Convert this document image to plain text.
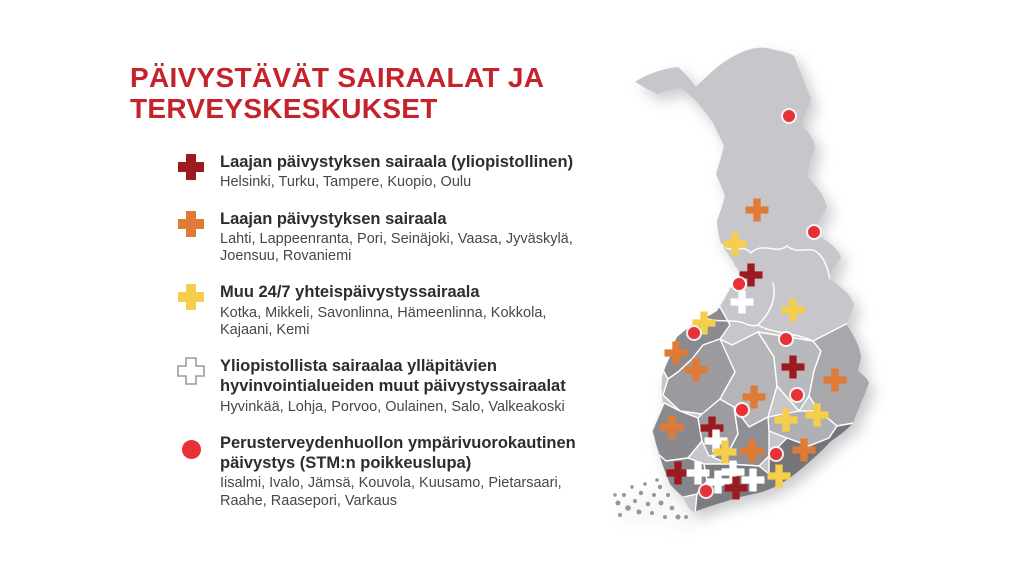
PÄIVYSTÄVÄT SAIRAALAT JA TERVEYSKESKUKSET
Laajan päivystyksen sairaala (yliopistollinen)
Helsinki, Turku, Tampere, Kuopio, Oulu
Laajan päivystyksen sairaala
Lahti, Lappeenranta, Pori, Seinäjoki, Vaasa, Jyväskylä, Joensuu, Rovaniemi
Muu 24/7 yhteispäivystyssairaala
Kotka, Mikkeli, Savonlinna, Hämeenlinna, Kokkola, Kajaani, Kemi
Yliopistollista sairaalaa ylläpitävien hyvinvointialueiden muut päivystyssairaalat
Hyvinkää, Lohja, Porvoo, Oulainen, Salo, Valkeakoski
Perusterveydenhuollon ympärivuorokautinen päivystys (STM:n poikkeuslupa)
Iisalmi, Ivalo, Jämsä, Kouvola, Kuusamo, Pietarsaari, Raahe, Raasepori, Varkaus
